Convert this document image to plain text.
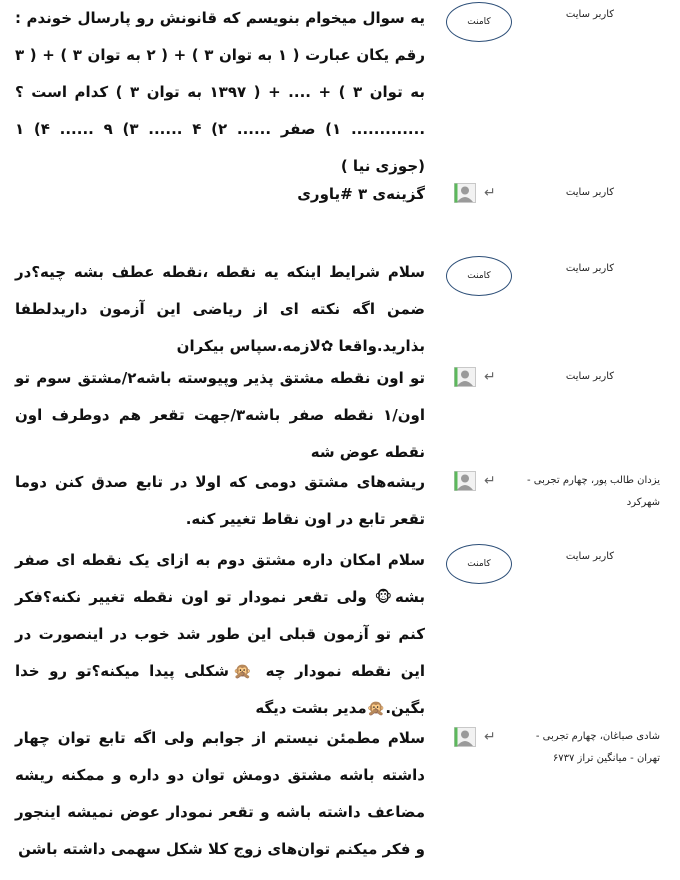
کاربر سایت
کامنت
یه سوال میخوام بنویسم که قانونش رو پارسال خوندم : رقم یکان عبارت ( ۱ به توان ۳ ) + ( ۲ به توان ۳ ) + ( ۳ به توان ۳ ) + .... + ( ۱۳۹۷ به توان ۳ ) کدام است ؟ ............. ۱) صفر ...... ۲) ۴ ...... ۳) ۹ ...... ۴) ۱ (جوزی نیا )
کاربر سایت
↵
گزینه‌ی ۳ #یاوری
کاربر سایت
کامنت
سلام شرایط اینکه یه نقطه ،نقطه عطف بشه چیه؟در ضمن اگه نکته ای از ریاضی این آزمون داریدلطفا بذارید.واقعا ✿لازمه.سپاس بیکران
کاربر سایت
↵
تو اون نقطه مشتق پذیر وپیوسته باشه۲/مشتق سوم تو اون/۱ نقطه صفر باشه۳/جهت تقعر هم دوطرف اون نقطه عوض شه
یزدان طالب پور، چهارم تجربی - شهرکرد
↵
ریشه‌های مشتق دومی که اولا در تابع صدق کنن دوما تقعر تابع در اون نقاط تغییر کنه.
کاربر سایت
کامنت
سلام امکان داره مشتق دوم به ازای یک نقطه ای صفر بشه🐵 ولی تقعر نمودار تو اون نقطه تغییر نکنه؟فکر کنم تو آزمون قبلی این طور شد خوب در اینصورت در این نقطه نمودار چه 🙊شکلی پیدا میکنه؟تو رو خدا بگین.🙊مدیر بشت دیگه
شادی صباغان، چهارم تجربی - تهران - میانگین تراز ۶۷۳۷
↵
سلام مطمئن نیستم از جوابم ولی اگه تابع توان چهار داشته باشه مشتق دومش توان دو داره و ممکنه ریشه مضاعف داشته باشه و تقعر نمودار عوض نمیشه اینجور و فکر میکنم توان‌های زوج کلا شکل سهمی داشته باشن
